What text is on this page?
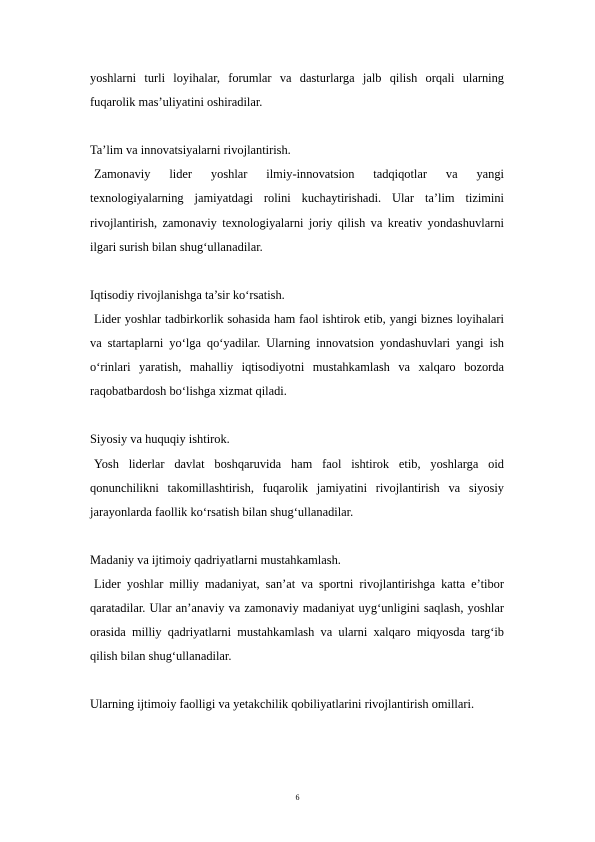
yoshlarni turli loyihalar, forumlar va dasturlarga jalb qilish orqali ularning fuqarolik mas’uliyatini oshiradilar.

Ta’lim va innovatsiyalarni rivojlantirish.

Zamonaviy lider yoshlar ilmiy-innovatsion tadqiqotlar va yangi texnologiyalarning jamiyatdagi rolini kuchaytirishadi. Ular ta’lim tizimini rivojlantirish, zamonaviy texnologiyalarni joriy qilish va kreativ yondashuvlarni ilgari surish bilan shug‘ullanadilar.

Iqtisodiy rivojlanishga ta’sir ko‘rsatish.

Lider yoshlar tadbirkorlik sohasida ham faol ishtirok etib, yangi biznes loyihalari va startaplarni yo‘lga qo‘yadilar. Ularning innovatsion yondashuvlari yangi ish o‘rinlari yaratish, mahalliy iqtisodiyotni mustahkamlash va xalqaro bozorda raqobatbardosh bo‘lishga xizmat qiladi.

Siyosiy va huquqiy ishtirok.

Yosh liderlar davlat boshqaruvida ham faol ishtirok etib, yoshlarga oid qonunchilikni takomillashtirish, fuqarolik jamiyatini rivojlantirish va siyosiy jarayonlarda faollik ko‘rsatish bilan shug‘ullanadilar.

Madaniy va ijtimoiy qadriyatlarni mustahkamlash.

Lider yoshlar milliy madaniyat, san’at va sportni rivojlantirishga katta e’tibor qaratadilar. Ular an’anaviy va zamonaviy madaniyat uyg‘unligini saqlash, yoshlar orasida milliy qadriyatlarni mustahkamlash va ularni xalqaro miqyosda targ‘ib qilish bilan shug‘ullanadilar.

Ularning ijtimoiy faolligi va yetakchilik qobiliyatlarini rivojlantirish omillari.

6
